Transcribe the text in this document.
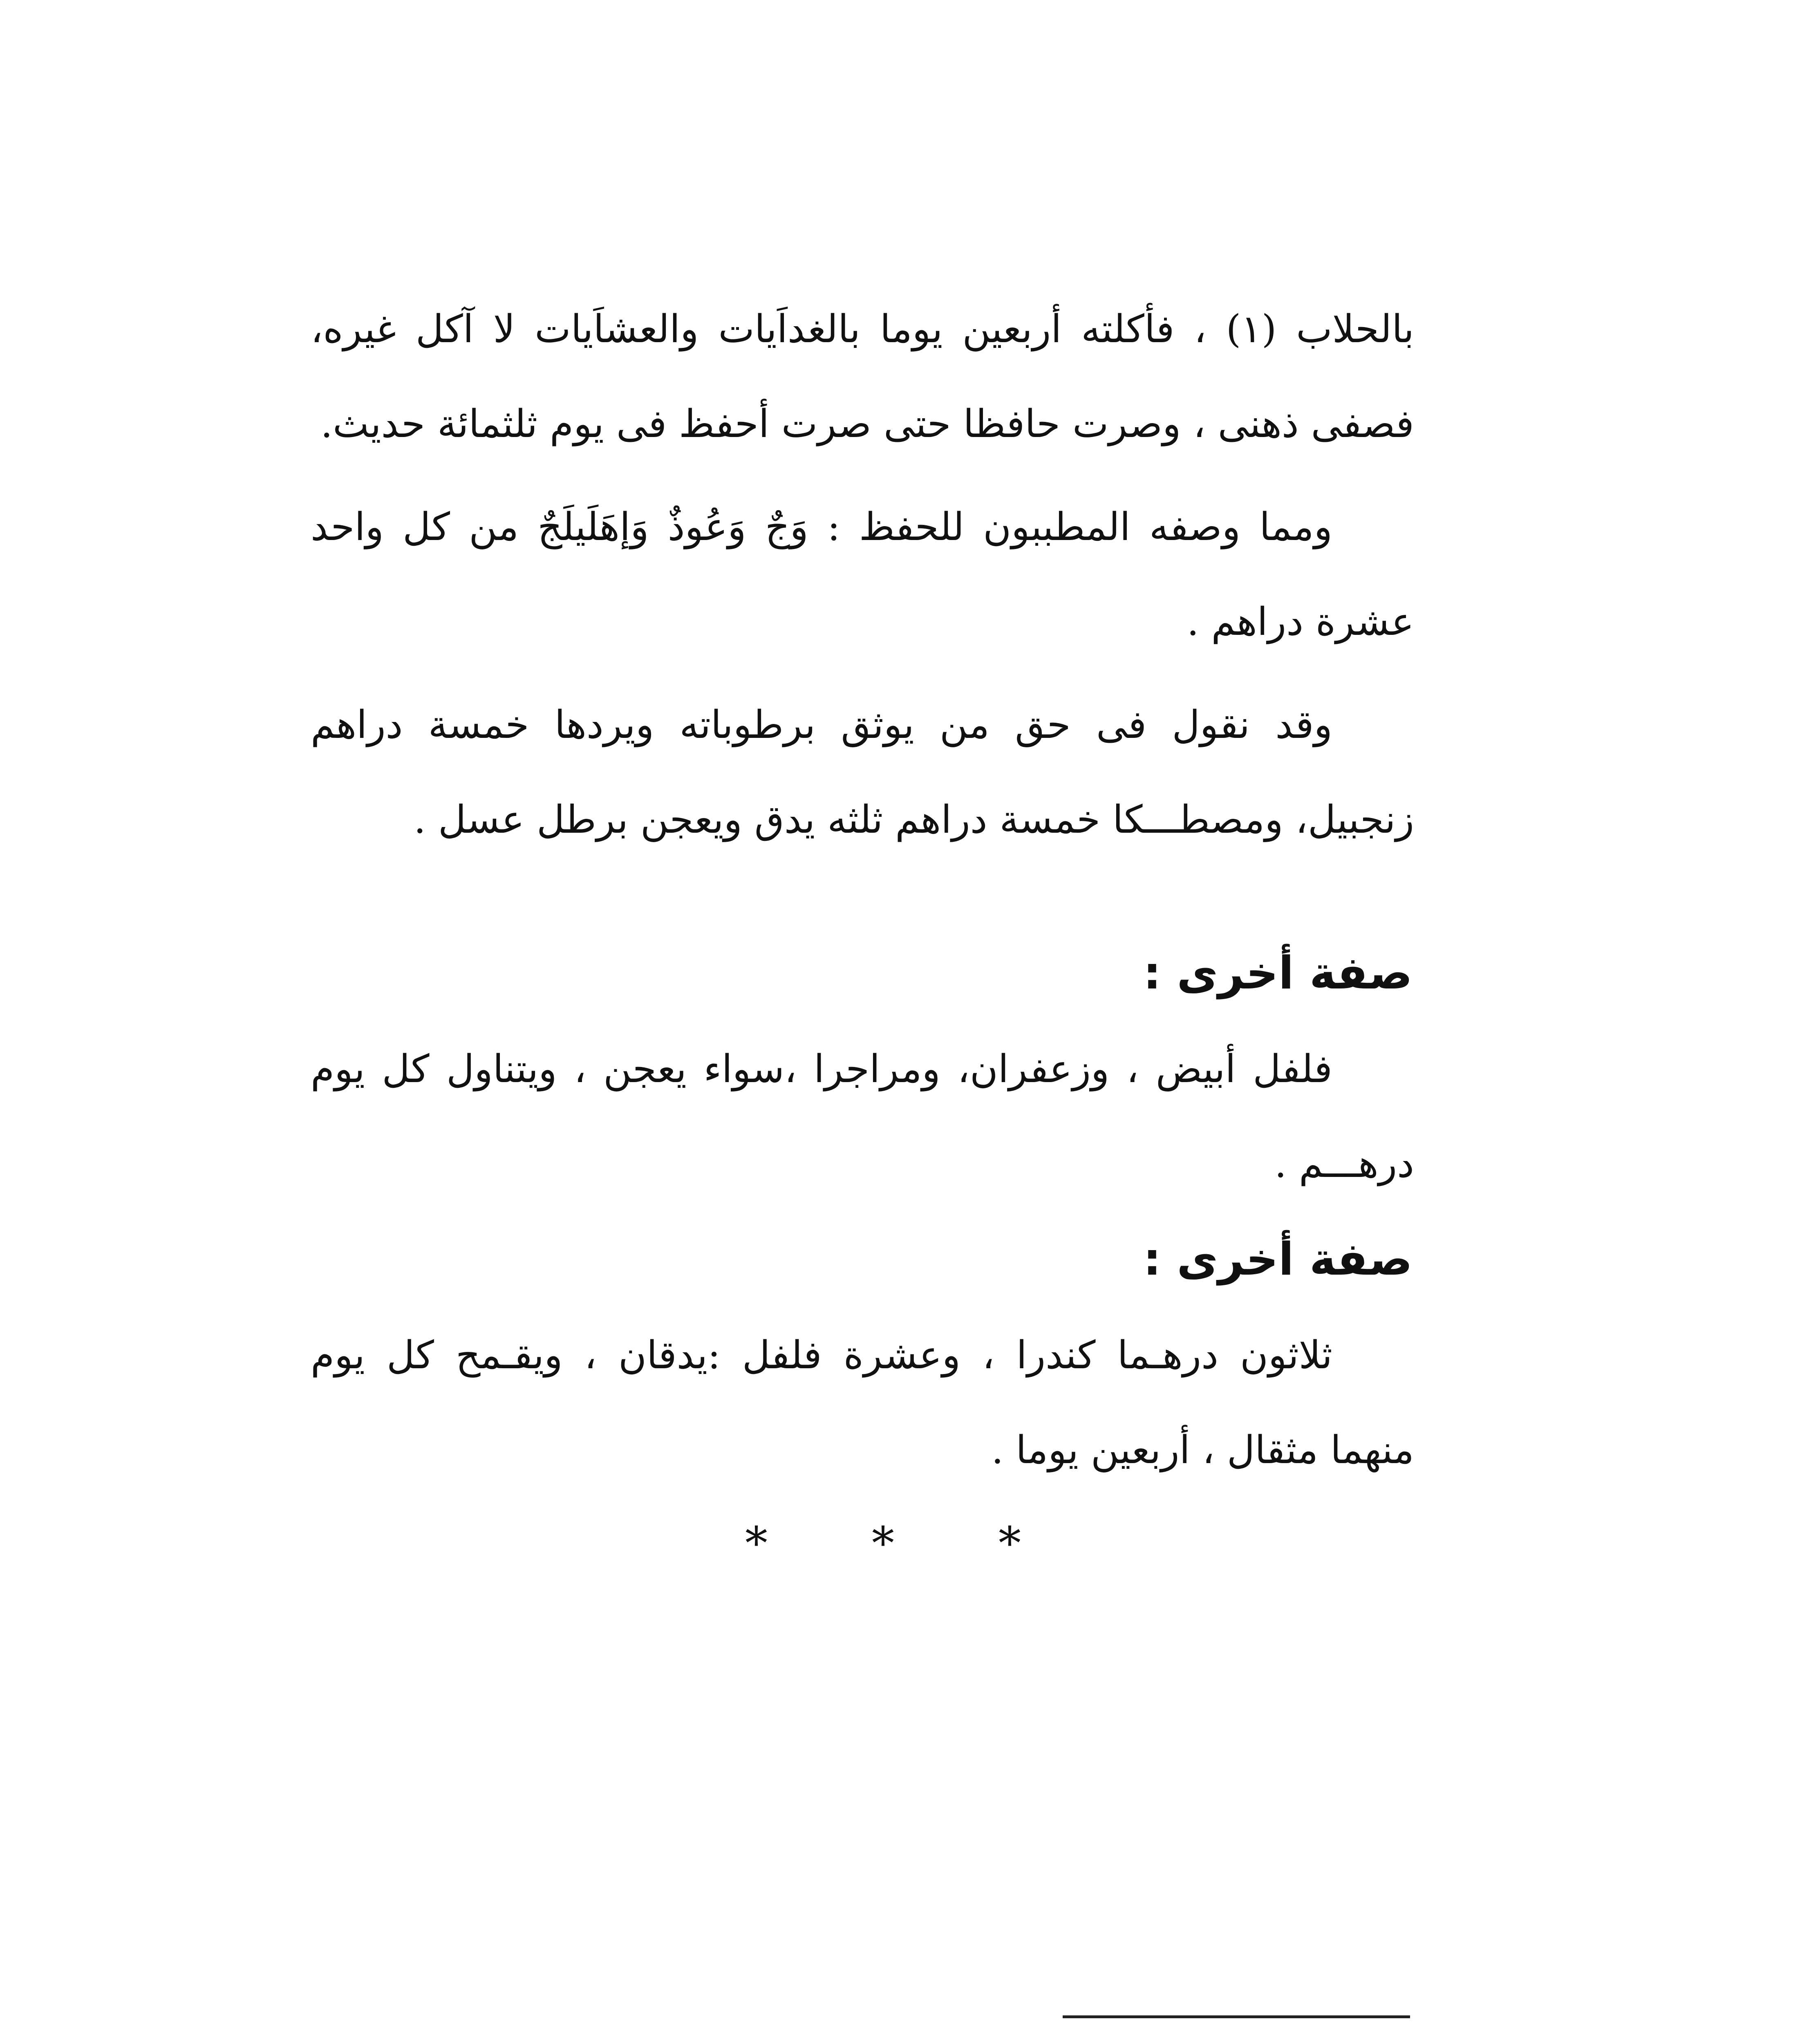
بالحلاب (١) ، فأكلته أربعين يوما بالغداَيات والعشاَيات لا آكل غيره، فصفى ذهنى ، وصرت حافظا حتى صرت أحفظ فى يوم ثلثمائة حديث.

ومما وصفه المطببون للحفظ : وَجٌ وَعُوذٌ وَإهَلَيلَجٌ من كل واحد عشرة دراهم .

وقد نقول فى حق من يوثق برطوباته ويردها خمسة دراهم زنجبيل، ومصطـــكا خمسة دراهم ثلثه يدق ويعجن برطل عسل .

صفة أخرى :

فلفل أبيض ، وزعفران، ومراجرا ،سواء يعجن ، ويتناول كل يوم درهـــم .

صفة أخرى :

ثلاثون درهـما كندرا ، وعشرة فلفل :يدقان ، ويقـمح كل يوم منهما مثقال ، أربعين يوما .

* * *
